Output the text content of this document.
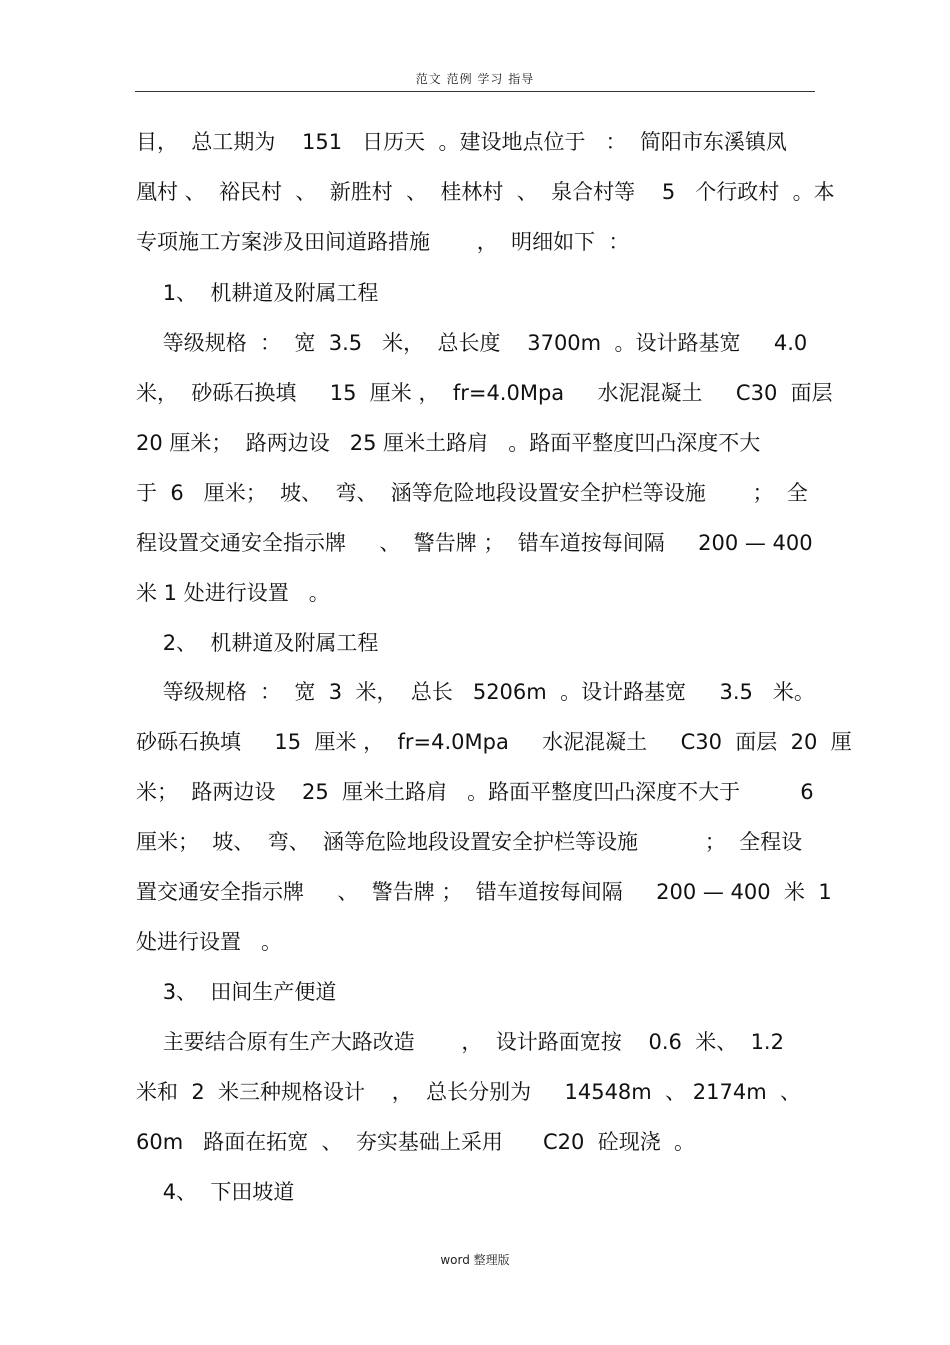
范文 范例 学习 指导
目，  总工期为    151   日历天  。建设地点位于   ：  简阳市东溪镇凤
凰村 、  裕民村  、  新胜村  、  桂林村  、  泉合村等    5   个行政村  。本
专项施工方案涉及田间道路措施       ，  明细如下  ：
1、  机耕道及附属工程
等级规格  ：  宽  3.5   米，  总长度    3700m  。设计路基宽     4.0
米，  砂砾石换填     15  厘米 ，  fr=4.0Mpa     水泥混凝土     C30  面层
20 厘米；  路两边设   25 厘米土路肩   。路面平整度凹凸深度不大
于  6   厘米；  坡、  弯、  涵等危险地段设置安全护栏等设施       ；  全
程设置交通安全指示牌     、  警告牌 ；  错车道按每间隔     200 — 400
米 1 处进行设置   。
2、  机耕道及附属工程
等级规格  ：  宽  3  米，  总长   5206m  。设计路基宽     3.5   米。
砂砾石换填     15  厘米 ，  fr=4.0Mpa     水泥混凝土     C30  面层  20  厘
米；  路两边设    25  厘米土路肩   。路面平整度凹凸深度不大于         6
厘米；  坡、  弯、  涵等危险地段设置安全护栏等设施          ；  全程设
置交通安全指示牌     、  警告牌 ；  错车道按每间隔     200 — 400  米  1
处进行设置   。
3、  田间生产便道
主要结合原有生产大路改造       ，  设计路面宽按    0.6  米、  1.2
米和  2  米三种规格设计    ，  总长分别为     14548m  、 2174m  、
60m   路面在拓宽  、  夯实基础上采用      C20  砼现浇  。
4、  下田坡道
word 整理版
